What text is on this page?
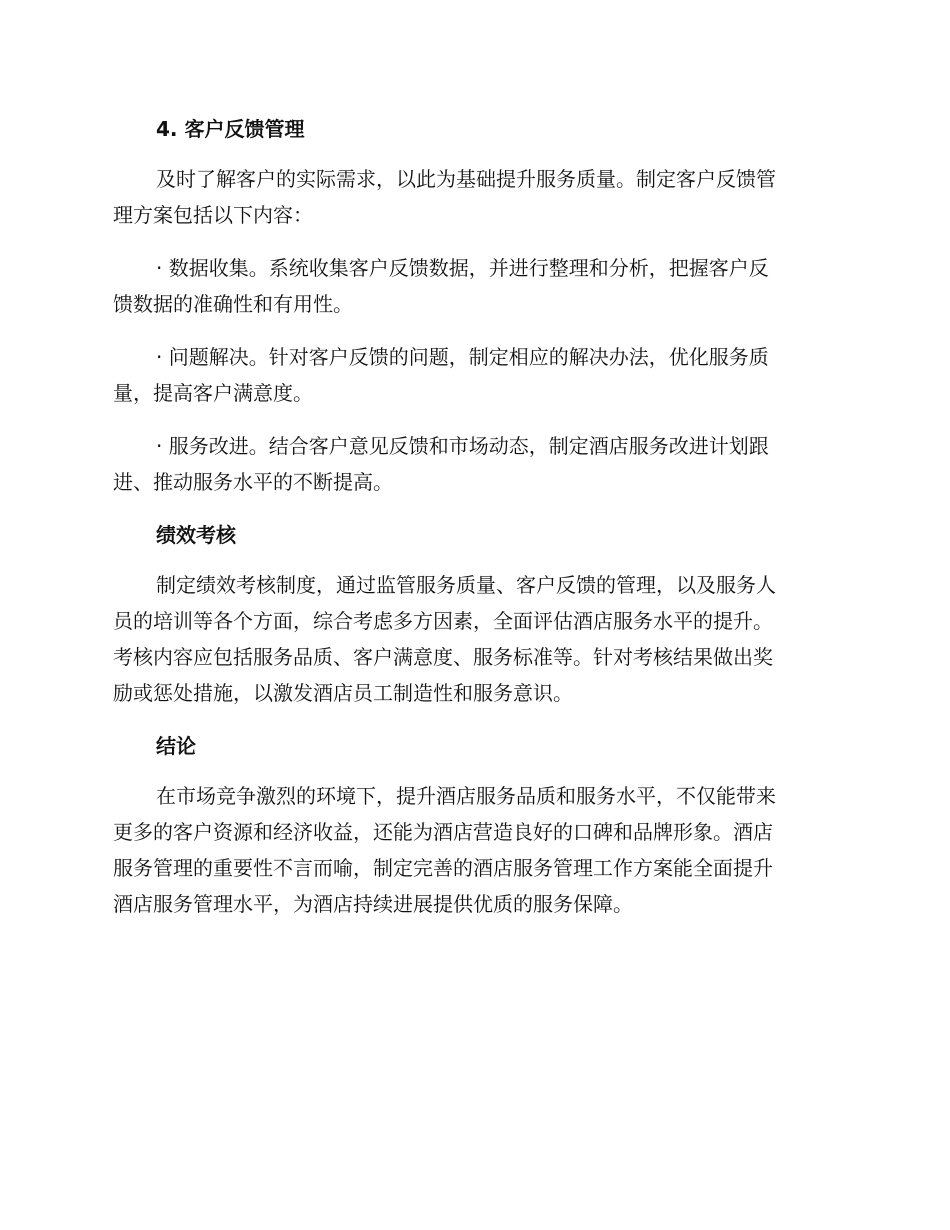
4. 客户反馈管理

及时了解客户的实际需求，以此为基础提升服务质量。制定客户反馈管
理方案包括以下内容：
· 数据收集。系统收集客户反馈数据，并进行整理和分析，把握客户反
馈数据的准确性和有用性。
· 问题解决。针对客户反馈的问题，制定相应的解决办法，优化服务质
量，提高客户满意度。
· 服务改进。结合客户意见反馈和市场动态，制定酒店服务改进计划跟
进、推动服务水平的不断提高。

绩效考核

制定绩效考核制度，通过监管服务质量、客户反馈的管理，以及服务人
员的培训等各个方面，综合考虑多方因素，全面评估酒店服务水平的提升。
考核内容应包括服务品质、客户满意度、服务标准等。针对考核结果做出奖
励或惩处措施，以激发酒店员工制造性和服务意识。

结论

在市场竞争激烈的环境下，提升酒店服务品质和服务水平，不仅能带来
更多的客户资源和经济收益，还能为酒店营造良好的口碑和品牌形象。酒店
服务管理的重要性不言而喻，制定完善的酒店服务管理工作方案能全面提升
酒店服务管理水平，为酒店持续进展提供优质的服务保障。
